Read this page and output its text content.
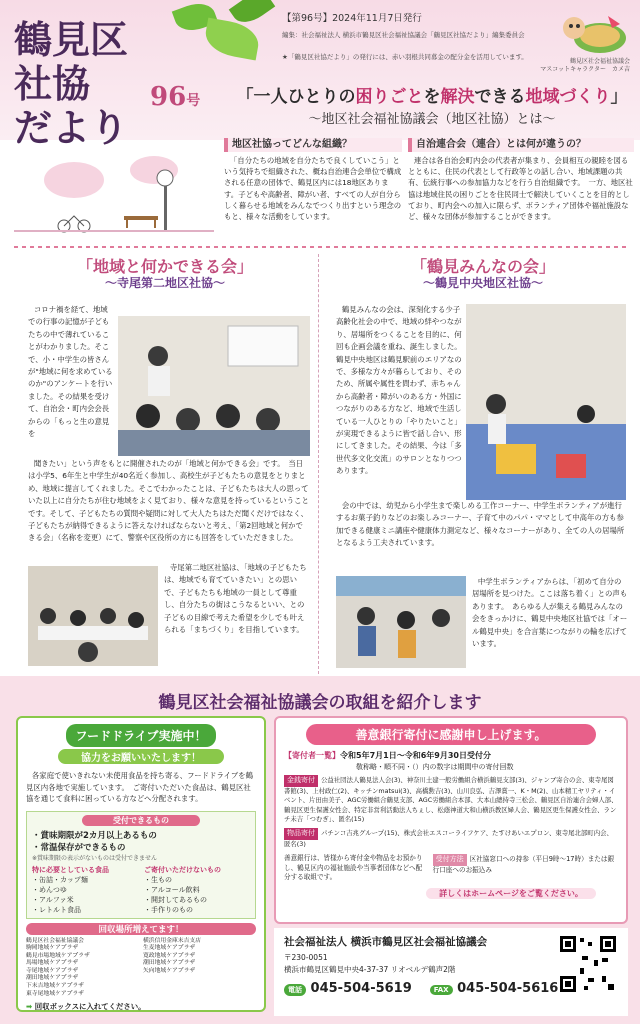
鶴見区
社協
だより
96号
【第96号】2024年11月7日発行
編集：社会福祉法人 横浜市鶴見区社会福祉協議会「鶴見区社協だより」編集委員会
★「鶴見区社協だより」の発行には、赤い羽根共同募金の配分金を活用しています。
鶴見区社会福祉協議会
マスコットキャラクター　カメ吉
「一人ひとりの困りごとを解決できる地域づくり」
～地区社会福祉協議会（地区社協）とは～
地区社協ってどんな組織？
「自分たちの地域を自分たちで良くしていこう」という気持ちで組織された、概ね自治連合会単位で構成される任意の団体で、鶴見区内には18地区あります。子どもや高齢者、障がい者、すべての人が自分らしく暮らせる地域をみんなでつくり出すという理念のもと、様々な活動をしています。
自治連合会（連合）とは何が違うの？
連合は各自治会町内会の代表者が集まり、会員相互の親睦を図るとともに、住民の代表として行政等との話し合い、地域課題の共有、伝統行事への参加協力などを行う自治組織です。　一方、地区社協は地域住民の困りごとを住民同士で解決していくことを目的としており、町内会への加入に限らず、ボランティア団体や福祉施設など、様々な団体が参加することができます。
「地域と何かできる会」
～寺尾第二地区社協～
コロナ禍を経て、地域での行事の記憶が子どもたちの中で薄れていることがわかりました。そこで、小・中学生の皆さんが"地域に何を求めているのか"のアンケートを行いました。その結果を受けて、自治会・町内会会長からの「もっと生の意見を
聞きたい」という声をもとに開催されたのが「地域と何かできる会」です。　当日は小学5、6年生と中学生が40名近く参加し、高校生が子どもたちの意見をとりまとめ、地域に提言してくれました。そこでわかったことは、子どもたちは大人の思っていた以上に自分たちが住む地域をよく見ており、様々な意見を持っているということです。そして、子どもたちの質問や疑問に対して大人たちはただ聞くだけではなく、子どもたちが納得できるように答えなければならないと考え、「第2回地域と何かできる会」（名称を変更）にて、警察や区役所の方にも回答をしていただきました。
寺尾第二地区社協は、「地域の子どもたちは、地域でも育てていきたい」との思いで、子どもたちも地域の一員として尊重し、自分たちの街はこうなるといい、との子どもの目線で考えた希望を少しでも叶えられる「まちづくり」を目指しています。
「鶴見みんなの会」
～鶴見中央地区社協～
鶴見みんなの会は、深刻化する少子高齢化社会の中で、地域の絆やつながり、居場所をつくることを目的に、何回も企画会議を重ね、誕生しました。　鶴見中央地区は鶴見駅前のエリアなので、多様な方々が暮らしており、そのため、所属や属性を問わず、赤ちゃんから高齢者・障がいのある方・外国につながりのある方など、地域で生活している一人ひとりの「やりたいこと」が実現できるように皆で話し合い、形にしてきました。その結果、今は「多世代多文化交流」のサロンとなりつつあります。
会の中では、幼児から小学生まで楽しめる工作コーナー、中学生ボランティアが進行するお菓子釣りなどのお楽しみコーナー、子育て中のパパ・ママとして中高年の方も参加できる健康ミニ講座や健康体力測定など、様々なコーナーがあり、全ての人の居場所となるよう工夫されています。
中学生ボランティアからは、「初めて自分の居場所を見つけた。ここは落ち着く」との声もあります。　あらゆる人が集える鶴見みんなの会をきっかけに、鶴見中央地区社協では「オール鶴見中央」を合言葉につながりの輪を広げています。
鶴見区社会福祉協議会の取組を紹介します
フードドライブ実施中！
協力をお願いいたします！
各家庭で使いきれない未使用食品を持ち寄る、フードドライブを鶴見区内各地で実施しています。　ご寄付いただいた食品は、鶴見区社協を通じて食料に困っている方などへ分配されます。
受付できるもの
・賞味期限が2カ月以上あるもの
・常温保存ができるもの
※賞味期限の表示がないものは受付できません
特に必要としている食品
・缶詰・カップ麺
・めんつゆ
・アルファ米
・レトルト食品
ご寄付いただけないもの
・生もの
・アルコール飲料
・開封してあるもの
・手作りのもの
回収場所増えてます！
鶴見区社会福祉協議会
駒岡地域ケアプラザ
鶴見市場地域ケアプラザ
馬場地域ケアプラザ
寺尾地域ケアプラザ
潮田地域ケアプラザ
下末吉地域ケアプラザ
東寺尾地域ケアプラザ
横浜信用金庫末吉支店
生麦地域ケアプラザ
寛政地域ケアプラザ
潮田地域ケアプラザ
矢向地域ケアプラザ
➡ 回収ボックスに入れてください。
善意銀行寄付に感謝申し上げます。
【寄付者一覧】令和5年7月1日～令和6年9月30日受付分
敬称略・順不同・（）内の数字は期間中の寄付回数
金銭寄付 公益社団法人鶴見法人会(3)、神奈川土建一般労働組合横浜鶴見支部(3)、ジャンブ寄合の会、東寺尾図書館(3)、上村政仁(2)、キッチンmatsui(3)、高橋勲吉(3)、山川良弘、吉澤賞一、K・M(2)、山本精工ヤリティ・イベント、片田由美子、AGC労働組合鶴見支部、AGC労働組合本部、大本山總持寺三松会、鶴見区自治連合会婦人部、鶴見区更生保護女性会、特定非営利活動法人ちぇし、松蔭神道大和山横浜教区婦人会、鶴見区更生保護女性会、ランチ未吉「つむぎ」、匿名(15)
物品寄付 パチンコ吉兆グループ(15)、株式会社エスコーライフケア、たすけあいエプロン、東寺尾北部町内会、匿名(3)
善意銀行は、皆様から寄付金や物品をお預かりし、鶴見区内の福祉施設や当事者団体などへ配分する取組です。
受付方法 区社協窓口への持参（平日9時～17時）または銀行口座へのお振込み
詳しくはホームページをご覧ください。
社会福祉法人 横浜市鶴見区社会福祉協議会
〒230-0051
横浜市鶴見区鶴見中央4-37-37 リオベルデ鶴声2階
電話 045-504-5619	FAX 045-504-5616
